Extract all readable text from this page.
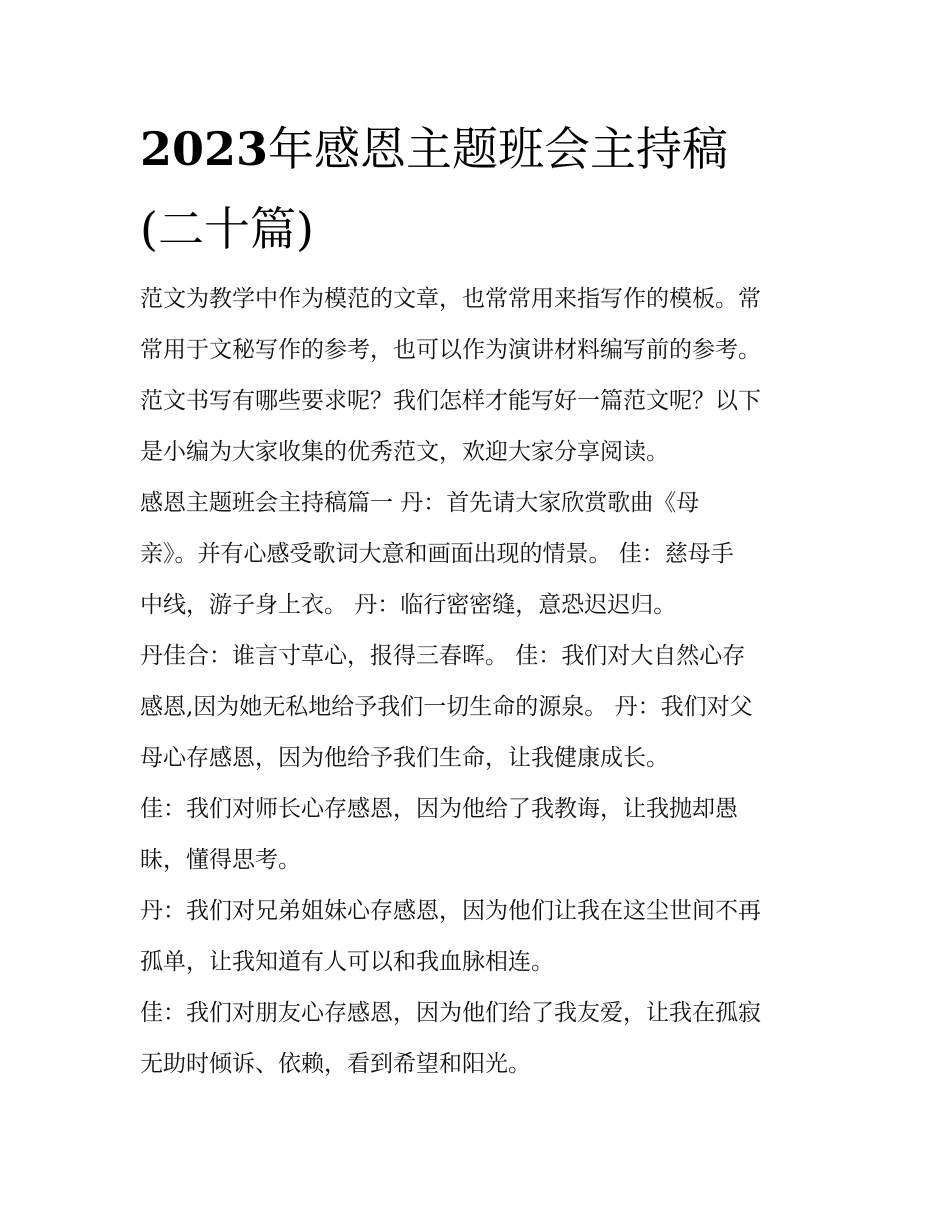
2023年感恩主题班会主持稿
(二十篇)
范文为教学中作为模范的文章，也常常用来指写作的模板。常
常用于文秘写作的参考，也可以作为演讲材料编写前的参考。
范文书写有哪些要求呢？我们怎样才能写好一篇范文呢？以下
是小编为大家收集的优秀范文，欢迎大家分享阅读。
感恩主题班会主持稿篇一 丹：首先请大家欣赏歌曲《母
亲》。并有心感受歌词大意和画面出现的情景。 佳：慈母手
中线，游子身上衣。 丹：临行密密缝，意恐迟迟归。
丹佳合：谁言寸草心，报得三春晖。 佳：我们对大自然心存
感恩,因为她无私地给予我们一切生命的源泉。 丹：我们对父
母心存感恩，因为他给予我们生命，让我健康成长。
佳：我们对师长心存感恩，因为他给了我教诲，让我抛却愚
昧，懂得思考。
丹：我们对兄弟姐妹心存感恩，因为他们让我在这尘世间不再
孤单，让我知道有人可以和我血脉相连。
佳：我们对朋友心存感恩，因为他们给了我友爱，让我在孤寂
无助时倾诉、依赖，看到希望和阳光。
